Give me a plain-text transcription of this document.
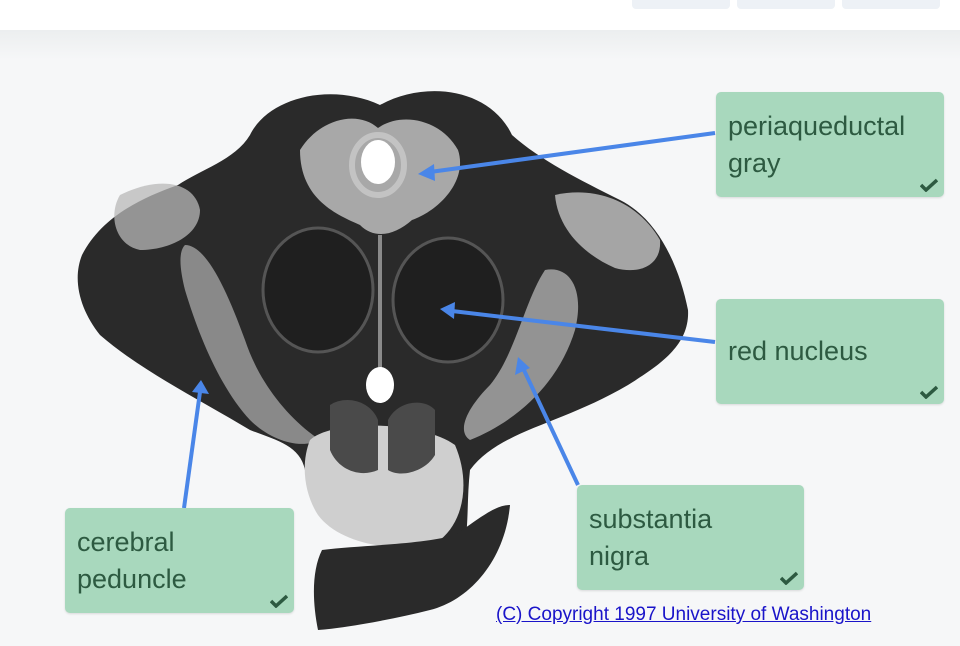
periaqueductal
gray
red nucleus
substantia
nigra
cerebral
peduncle
(C) Copyright 1997 University of Washington
